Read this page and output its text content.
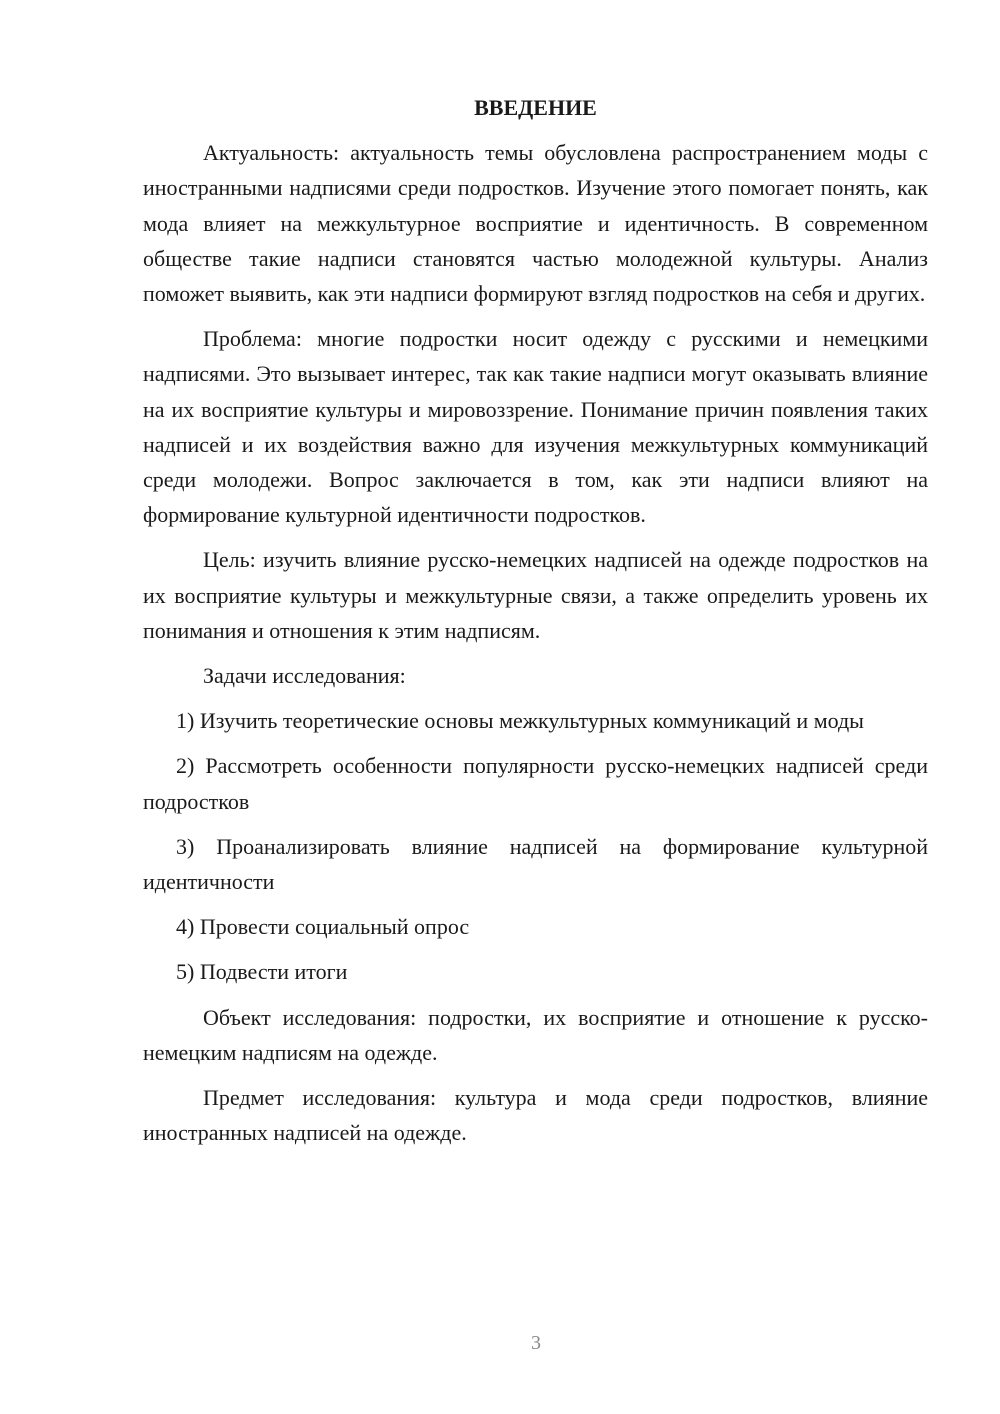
ВВЕДЕНИЕ

Актуальность: актуальность темы обусловлена распространением моды с иностранными надписями среди подростков. Изучение этого помогает понять, как мода влияет на межкультурное восприятие и идентичность. В современном обществе такие надписи становятся частью молодежной культуры. Анализ поможет выявить, как эти надписи формируют взгляд подростков на себя и других.

Проблема: многие подростки носит одежду с русскими и немецкими надписями. Это вызывает интерес, так как такие надписи могут оказывать влияние на их восприятие культуры и мировоззрение. Понимание причин появления таких надписей и их воздействия важно для изучения межкультурных коммуникаций среди молодежи. Вопрос заключается в том, как эти надписи влияют на формирование культурной идентичности подростков.

Цель: изучить влияние русско-немецких надписей на одежде подростков на их восприятие культуры и межкультурные связи, а также определить уровень их понимания и отношения к этим надписям.

Задачи исследования:

1) Изучить теоретические основы межкультурных коммуникаций и моды

2) Рассмотреть особенности популярности русско-немецких надписей среди подростков

3) Проанализировать влияние надписей на формирование культурной идентичности

4) Провести социальный опрос

5) Подвести итоги

Объект исследования: подростки, их восприятие и отношение к русско-немецким надписям на одежде.

Предмет исследования: культура и мода среди подростков, влияние иностранных надписей на одежде.

3
